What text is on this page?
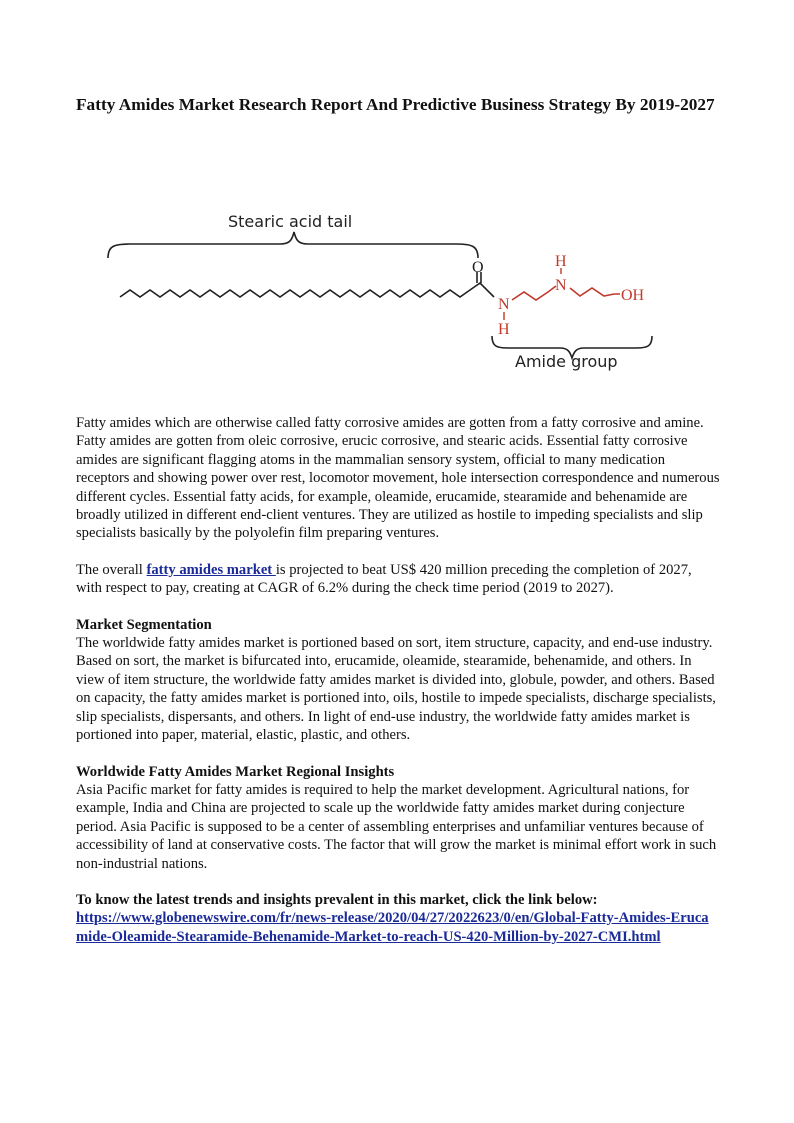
Fatty Amides Market Research Report And Predictive Business Strategy By 2019-2027
Stearic acid tail
O
N
H
N
H
OH
Amide group

Fatty amides which are otherwise called fatty corrosive amides are gotten from a fatty corrosive and amine. Fatty amides are gotten from oleic corrosive, erucic corrosive, and stearic acids. Essential fatty corrosive amides are significant flagging atoms in the mammalian sensory system, official to many medication receptors and showing power over rest, locomotor movement, hole intersection correspondence and numerous different cycles. Essential fatty acids, for example, oleamide, erucamide, stearamide and behenamide are broadly utilized in different end-client ventures. They are utilized as hostile to impeding specialists and slip specialists basically by the polyolefin film preparing ventures.

The overall fatty amides market is projected to beat US$ 420 million preceding the completion of 2027, with respect to pay, creating at CAGR of 6.2% during the check time period (2019 to 2027).

Market Segmentation
The worldwide fatty amides market is portioned based on sort, item structure, capacity, and end-use industry. Based on sort, the market is bifurcated into, erucamide, oleamide, stearamide, behenamide, and others. In view of item structure, the worldwide fatty amides market is divided into, globule, powder, and others. Based on capacity, the fatty amides market is portioned into, oils, hostile to impede specialists, discharge specialists, slip specialists, dispersants, and others. In light of end-use industry, the worldwide fatty amides market is portioned into paper, material, elastic, plastic, and others.

Worldwide Fatty Amides Market Regional Insights
Asia Pacific market for fatty amides is required to help the market development. Agricultural nations, for example, India and China are projected to scale up the worldwide fatty amides market during conjecture period. Asia Pacific is supposed to be a center of assembling enterprises and unfamiliar ventures because of accessibility of land at conservative costs. The factor that will grow the market is minimal effort work in such non-industrial nations.

To know the latest trends and insights prevalent in this market, click the link below:
https://www.globenewswire.com/fr/news-release/2020/04/27/2022623/0/en/Global-Fatty-Amides-Erucamide-Oleamide-Stearamide-Behenamide-Market-to-reach-US-420-Million-by-2027-CMI.html
